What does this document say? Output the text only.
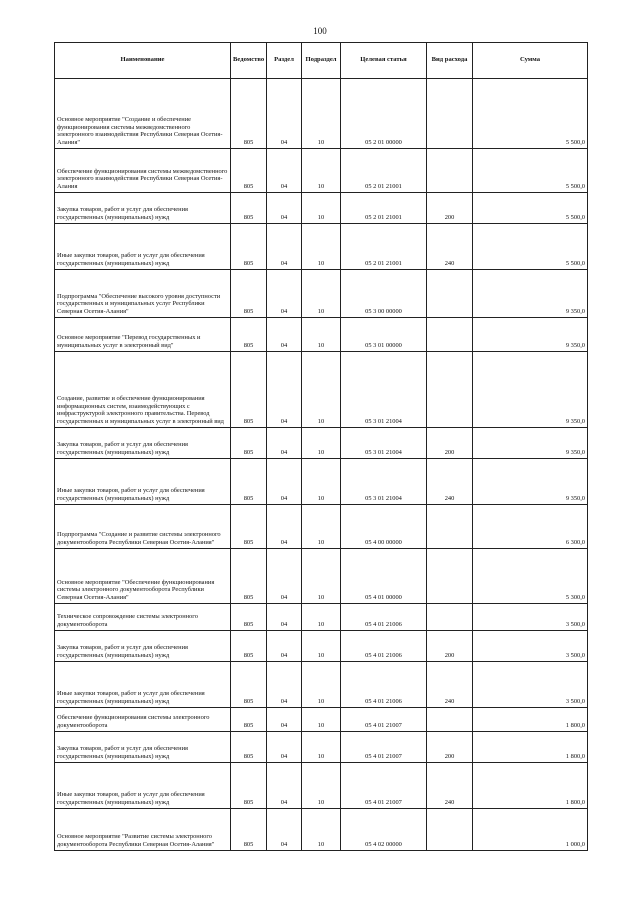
100
Наименование	Ведомство	Раздел	Подраздел	Целевая статья	Вид расхода	Сумма
Основное мероприятие "Создание и обеспечение функционирования системы межведомственного электронного взаимодействия Республики Северная Осетия-Алания"	805	04	10	05 2 01 00000		5 500,0
Обеспечение функционирования системы межведомственного электронного взаимодействия Республики Северная Осетия-Алания	805	04	10	05 2 01 21001		5 500,0
Закупка товаров, работ и услуг для обеспечения государственных (муниципальных) нужд	805	04	10	05 2 01 21001	200	5 500,0
Иные закупки товаров, работ и услуг для обеспечения государственных (муниципальных) нужд	805	04	10	05 2 01 21001	240	5 500,0
Подпрограмма "Обеспечение высокого уровня доступности государственных и муниципальных услуг Республики Северная Осетия-Алания"	805	04	10	05 3 00 00000		9 350,0
Основное мероприятие "Перевод государственных и муниципальных услуг в электронный вид"	805	04	10	05 3 01 00000		9 350,0
Создание, развитие и обеспечение функционирования информационных систем, взаимодействующих с инфраструктурой электронного правительства. Перевод государственных и муниципальных услуг в электронный вид	805	04	10	05 3 01 21004		9 350,0
Закупка товаров, работ и услуг для обеспечения государственных (муниципальных) нужд	805	04	10	05 3 01 21004	200	9 350,0
Иные закупки товаров, работ и услуг для обеспечения государственных (муниципальных) нужд	805	04	10	05 3 01 21004	240	9 350,0
Подпрограмма "Создание и развитие системы электронного документооборота Республики Северная Осетия-Алания"	805	04	10	05 4 00 00000		6 300,0
Основное мероприятие "Обеспечение функционирования системы электронного документооборота Республики Северная Осетия-Алания"	805	04	10	05 4 01 00000		5 300,0
Техническое сопровождение системы электронного документооборота	805	04	10	05 4 01 21006		3 500,0
Закупка товаров, работ и услуг для обеспечения государственных (муниципальных) нужд	805	04	10	05 4 01 21006	200	3 500,0
Иные закупки товаров, работ и услуг для обеспечения государственных (муниципальных) нужд	805	04	10	05 4 01 21006	240	3 500,0
Обеспечение функционирования системы электронного документооборота	805	04	10	05 4 01 21007		1 800,0
Закупка товаров, работ и услуг для обеспечения государственных (муниципальных) нужд	805	04	10	05 4 01 21007	200	1 800,0
Иные закупки товаров, работ и услуг для обеспечения государственных (муниципальных) нужд	805	04	10	05 4 01 21007	240	1 800,0
Основное мероприятие "Развитие системы электронного документооборота Республики Северная Осетия-Алания"	805	04	10	05 4 02 00000		1 000,0
